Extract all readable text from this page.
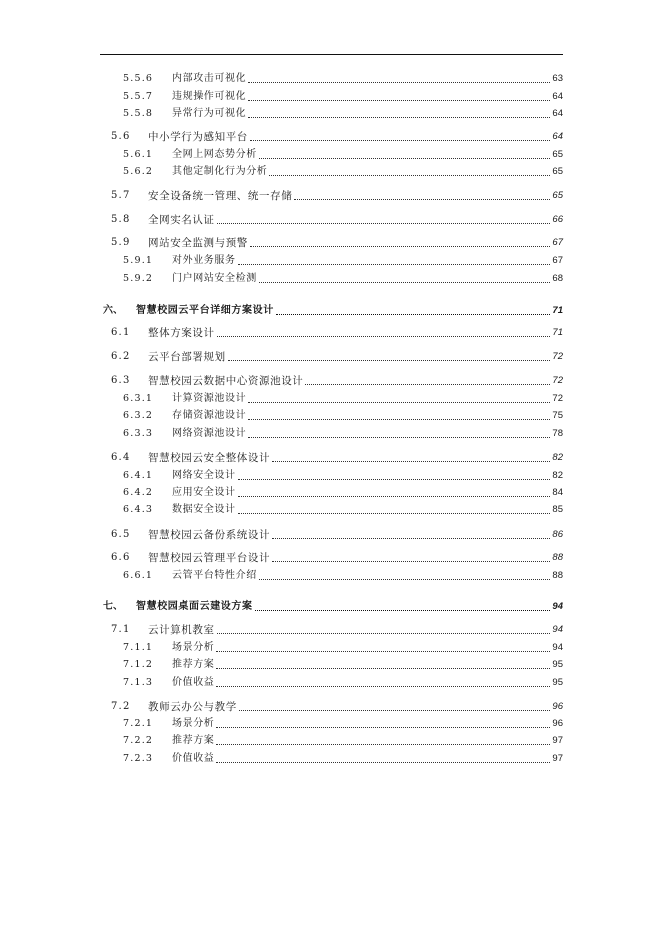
5.5.6	内部攻击可视化	63
5.5.7	违规操作可视化	64
5.5.8	异常行为可视化	64
5.6	中小学行为感知平台	64
5.6.1	全网上网态势分析	65
5.6.2	其他定制化行为分析	65
5.7	安全设备统一管理、统一存储	65
5.8	全网实名认证	66
5.9	网站安全监测与预警	67
5.9.1	对外业务服务	67
5.9.2	门户网站安全检测	68
六、	智慧校园云平台详细方案设计	71
6.1	整体方案设计	71
6.2	云平台部署规划	72
6.3	智慧校园云数据中心资源池设计	72
6.3.1	计算资源池设计	72
6.3.2	存储资源池设计	75
6.3.3	网络资源池设计	78
6.4	智慧校园云安全整体设计	82
6.4.1	网络安全设计	82
6.4.2	应用安全设计	84
6.4.3	数据安全设计	85
6.5	智慧校园云备份系统设计	86
6.6	智慧校园云管理平台设计	88
6.6.1	云管平台特性介绍	88
七、	智慧校园桌面云建设方案	94
7.1	云计算机教室	94
7.1.1	场景分析	94
7.1.2	推荐方案	95
7.1.3	价值收益	95
7.2	教师云办公与教学	96
7.2.1	场景分析	96
7.2.2	推荐方案	97
7.2.3	价值收益	97
